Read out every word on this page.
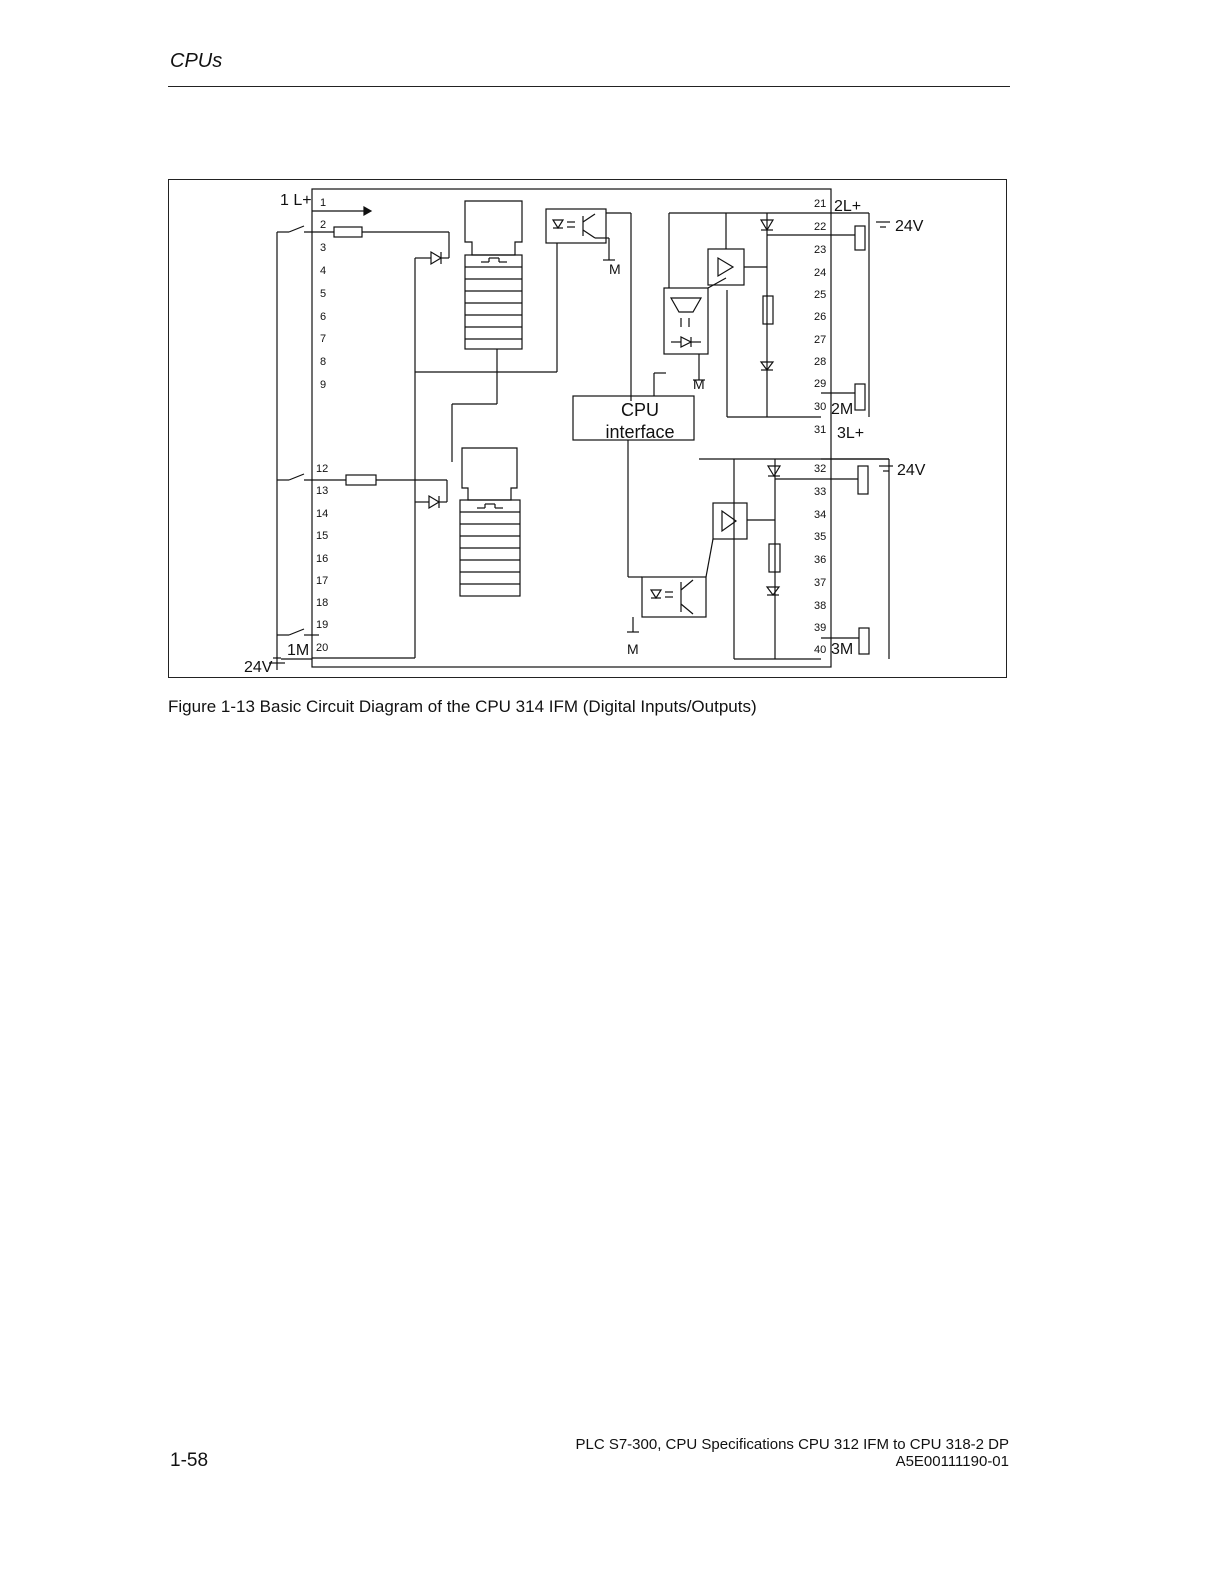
CPUs
1
2
3
4
5
6
7
8
9
12
13
14
15
16
17
18
19
20
21
22
23
24
25
26
27
28
29
30
31
32
33
34
35
36
37
38
39
40
1 L+	2L+
3L+
1M
2M
3M
24V
24V
24V
M
M
M
CPU
interface
Figure 1-13 Basic Circuit Diagram of the CPU 314 IFM (Digital Inputs/Outputs)
1-58
PLC S7-300, CPU Specifications CPU 312 IFM to CPU 318-2 DP
A5E00111190-01
